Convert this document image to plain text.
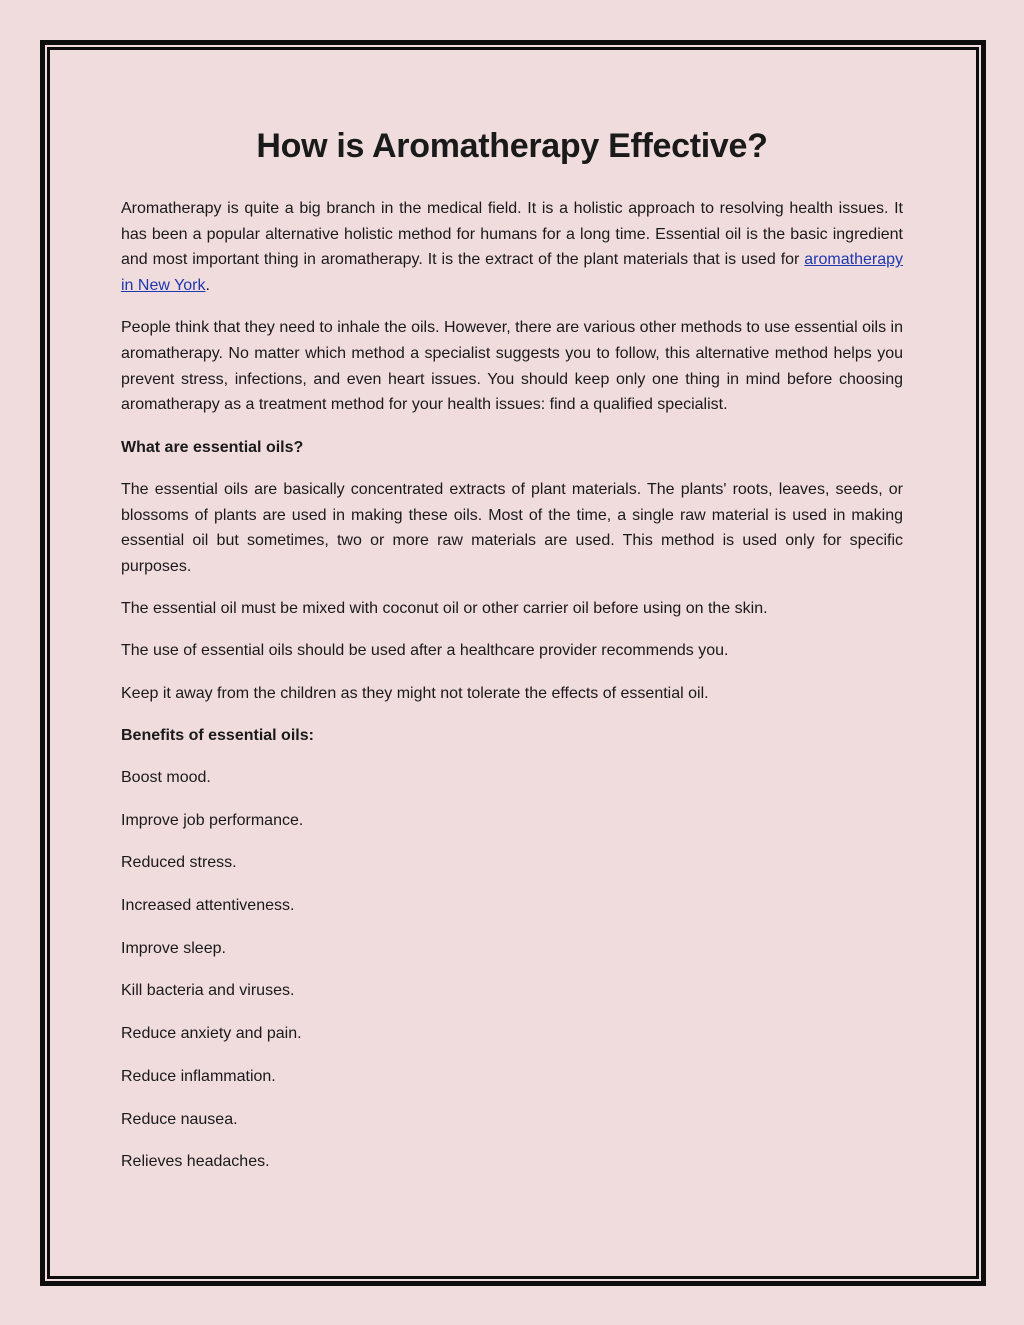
How is Aromatherapy Effective?

Aromatherapy is quite a big branch in the medical field. It is a holistic approach to resolving health issues. It has been a popular alternative holistic method for humans for a long time. Essential oil is the basic ingredient and most important thing in aromatherapy. It is the extract of the plant materials that is used for aromatherapy in New York.

People think that they need to inhale the oils. However, there are various other methods to use essential oils in aromatherapy. No matter which method a specialist suggests you to follow, this alternative method helps you prevent stress, infections, and even heart issues. You should keep only one thing in mind before choosing aromatherapy as a treatment method for your health issues: find a qualified specialist.

What are essential oils?

The essential oils are basically concentrated extracts of plant materials. The plants' roots, leaves, seeds, or blossoms of plants are used in making these oils. Most of the time, a single raw material is used in making essential oil but sometimes, two or more raw materials are used. This method is used only for specific purposes.

The essential oil must be mixed with coconut oil or other carrier oil before using on the skin.

The use of essential oils should be used after a healthcare provider recommends you.

Keep it away from the children as they might not tolerate the effects of essential oil.

Benefits of essential oils:

Boost mood.
Improve job performance.
Reduced stress.
Increased attentiveness.
Improve sleep.
Kill bacteria and viruses.
Reduce anxiety and pain.
Reduce inflammation.
Reduce nausea.
Relieves headaches.
